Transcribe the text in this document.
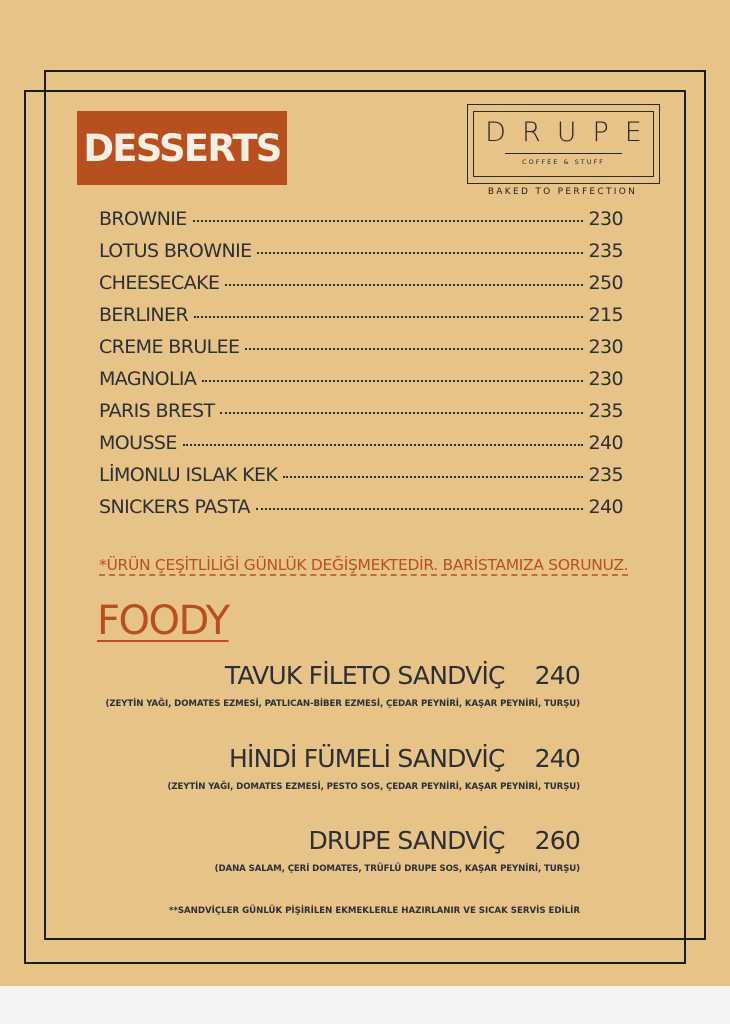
DESSERTS	DRUPE
COFFEE & STUFF
BAKED TO PERFECTION
BROWNIE	230
LOTUS BROWNIE	235
CHEESECAKE	250
BERLINER	215
CREME BRULEE	230
MAGNOLIA	230
PARIS BREST	235
MOUSSE	240
LİMONLU ISLAK KEK	235
SNICKERS PASTA	240
*ÜRÜN ÇEŞİTLİLİĞİ GÜNLÜK DEĞİŞMEKTEDİR. BARİSTAMIZA SORUNUZ.
FOODY
TAVUK FİLETO SANDVİÇ 240
(ZEYTİN YAĞI, DOMATES EZMESİ, PATLICAN-BİBER EZMESİ, ÇEDAR PEYNİRİ, KAŞAR PEYNİRİ, TURŞU)
HİNDİ FÜMELİ SANDVİÇ 240
(ZEYTİN YAĞI, DOMATES EZMESİ, PESTO SOS, ÇEDAR PEYNİRİ, KAŞAR PEYNİRİ, TURŞU)
DRUPE SANDVİÇ 260
(DANA SALAM, ÇERİ DOMATES, TRÜFLÜ DRUPE SOS, KAŞAR PEYNİRİ, TURŞU)
**SANDVİÇLER GÜNLÜK PİŞİRİLEN EKMEKLERLE HAZIRLANIR VE SICAK SERVİS EDİLİR
